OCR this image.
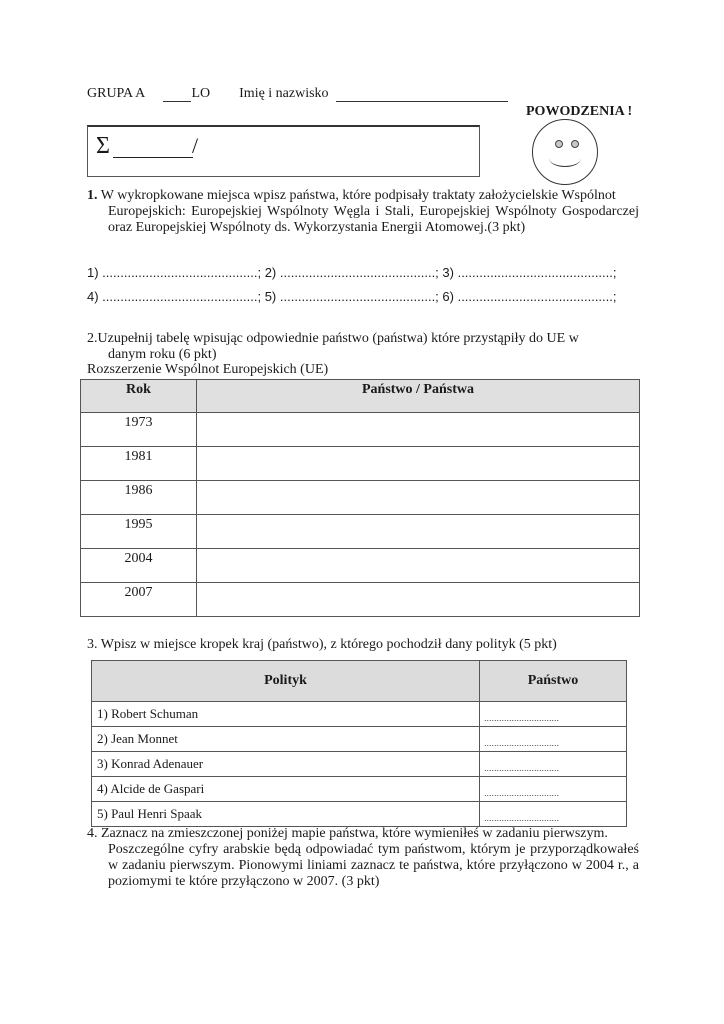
GRUPA A	LO Imię i nazwisko
POWODZENIA !
Σ	/
1. W wykropkowane miejsca wpisz państwa, które podpisały traktaty założycielskie Wspólnot
Europejskich: Europejskiej Wspólnoty Węgla i Stali, Europejskiej Wspólnoty Gospodarczej oraz Europejskiej Wspólnoty ds. Wykorzystania Energii Atomowej.(3 pkt)
1) ...........................................; 2) ...........................................; 3) ...........................................;
4) ...........................................; 5) ...........................................; 6) ...........................................;
2.Uzupełnij tabelę wpisując odpowiednie państwo (państwa) które przystąpiły do UE w
danym roku (6 pkt)
Rozszerzenie Wspólnot Europejskich (UE)
Rok	Państwo / Państwa
1973	
1981	
1986	
1995	
2004	
2007	
3. Wpisz w miejsce kropek kraj (państwo), z którego pochodził dany polityk (5 pkt)
Polityk	Państwo
1) Robert Schuman	..............................
2) Jean Monnet	..............................
3) Konrad Adenauer	..............................
4) Alcide de Gaspari	..............................
5) Paul Henri Spaak	..............................
4. Zaznacz na zmieszczonej poniżej mapie państwa, które wymieniłeś w zadaniu pierwszym.
Poszczególne cyfry arabskie będą odpowiadać tym państwom, którym je przyporządkowałeś w zadaniu pierwszym. Pionowymi liniami zaznacz te państwa, które przyłączono w 2004 r., a poziomymi te które przyłączono w 2007. (3 pkt)
